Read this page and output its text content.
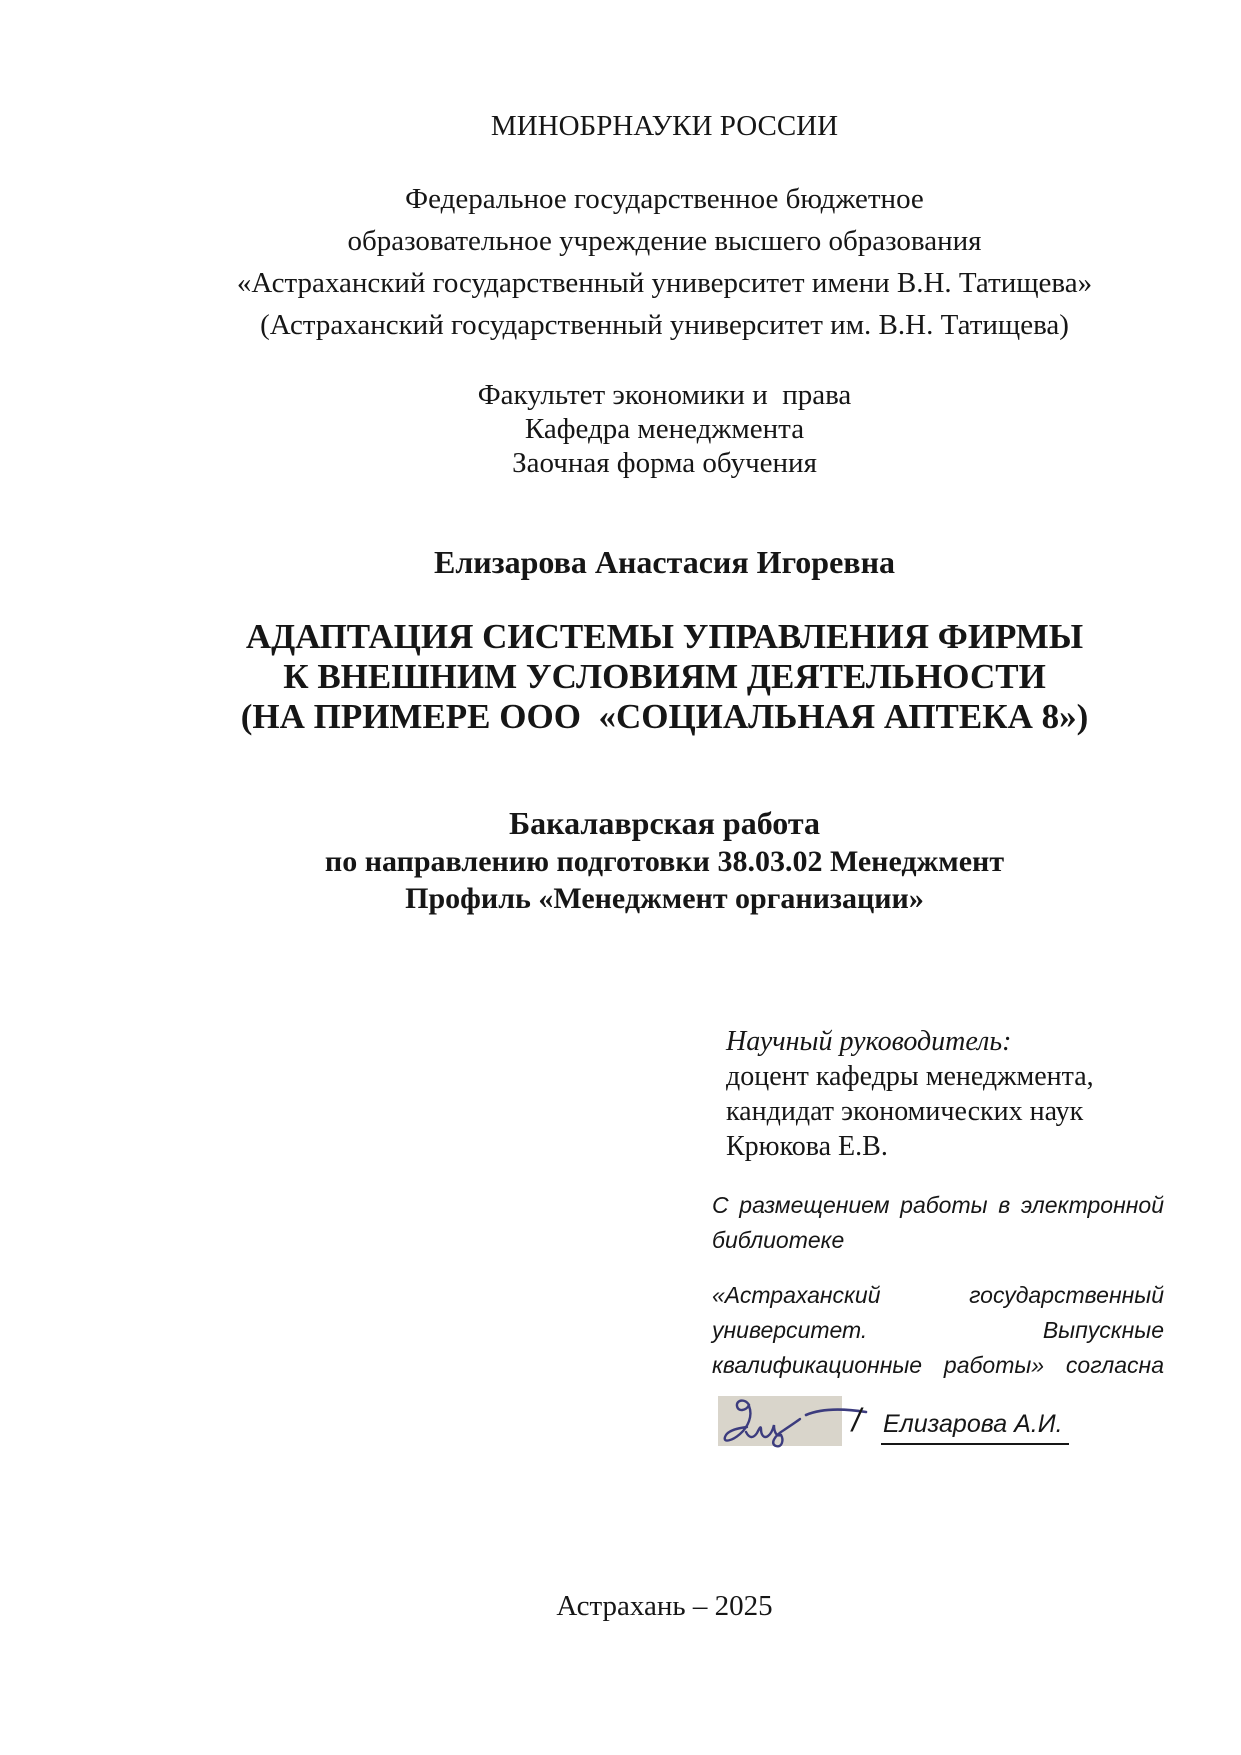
МИНОБРНАУКИ РОССИИ
Федеральное государственное бюджетное
образовательное учреждение высшего образования
«Астраханский государственный университет имени В.Н. Татищева»
(Астраханский государственный университет им. В.Н. Татищева)
Факультет экономики и  права
Кафедра менеджмента
Заочная форма обучения
Елизарова Анастасия Игоревна
АДАПТАЦИЯ СИСТЕМЫ УПРАВЛЕНИЯ ФИРМЫ
К ВНЕШНИМ УСЛОВИЯМ ДЕЯТЕЛЬНОСТИ
(НА ПРИМЕРЕ ООО  «СОЦИАЛЬНАЯ АПТЕКА 8»)
Бакалаврская работа
по направлению подготовки 38.03.02 Менеджмент
Профиль «Менеджмент организации»
Научный руководитель:
доцент кафедры менеджмента,
кандидат экономических наук
Крюкова Е.В.
С размещением работы в электронной
библиотеке
«Астраханский государственный
университет. Выпускные
квалификационные работы» согласна
/ Елизарова А.И.
Астрахань – 2025
